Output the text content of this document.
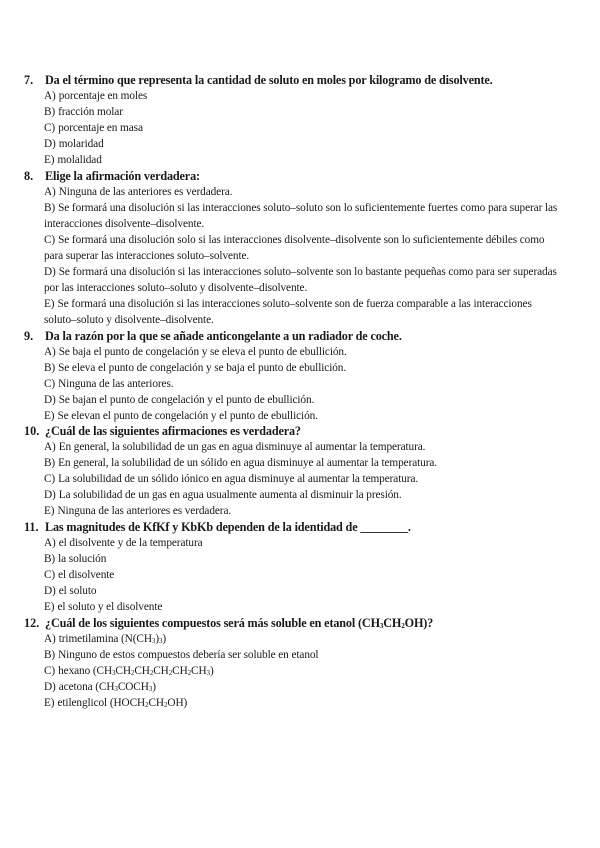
7. Da el término que representa la cantidad de soluto en moles por kilogramo de disolvente.
A) porcentaje en moles
B) fracción molar
C) porcentaje en masa
D) molaridad
E) molalidad
8. Elige la afirmación verdadera:
A) Ninguna de las anteriores es verdadera.
B) Se formará una disolución si las interacciones soluto–soluto son lo suficientemente fuertes como para superar las interacciones disolvente–disolvente.
C) Se formará una disolución solo si las interacciones disolvente–disolvente son lo suficientemente débiles como para superar las interacciones soluto–solvente.
D) Se formará una disolución si las interacciones soluto–solvente son lo bastante pequeñas como para ser superadas por las interacciones soluto–soluto y disolvente–disolvente.
E) Se formará una disolución si las interacciones soluto–solvente son de fuerza comparable a las interacciones soluto–soluto y disolvente–disolvente.
9. Da la razón por la que se añade anticongelante a un radiador de coche.
A) Se baja el punto de congelación y se eleva el punto de ebullición.
B) Se eleva el punto de congelación y se baja el punto de ebullición.
C) Ninguna de las anteriores.
D) Se bajan el punto de congelación y el punto de ebullición.
E) Se elevan el punto de congelación y el punto de ebullición.
10. ¿Cuál de las siguientes afirmaciones es verdadera?
A) En general, la solubilidad de un gas en agua disminuye al aumentar la temperatura.
B) En general, la solubilidad de un sólido en agua disminuye al aumentar la temperatura.
C) La solubilidad de un sólido iónico en agua disminuye al aumentar la temperatura.
D) La solubilidad de un gas en agua usualmente aumenta al disminuir la presión.
E) Ninguna de las anteriores es verdadera.
11. Las magnitudes de KfKf y KbKb dependen de la identidad de ________.
A) el disolvente y de la temperatura
B) la solución
C) el disolvente
D) el soluto
E) el soluto y el disolvente
12. ¿Cuál de los siguientes compuestos será más soluble en etanol $(CH_3CH_2OH)$?
A) trimetilamina $(N(CH_3)_3)$
B) Ninguno de estos compuestos debería ser soluble en etanol
C) hexano $(CH_3CH_2CH_2CH_2CH_2CH_3)$
D) acetona $(CH_3COCH_3)$
E) etilenglicol $(HOCH_2CH_2OH)$
